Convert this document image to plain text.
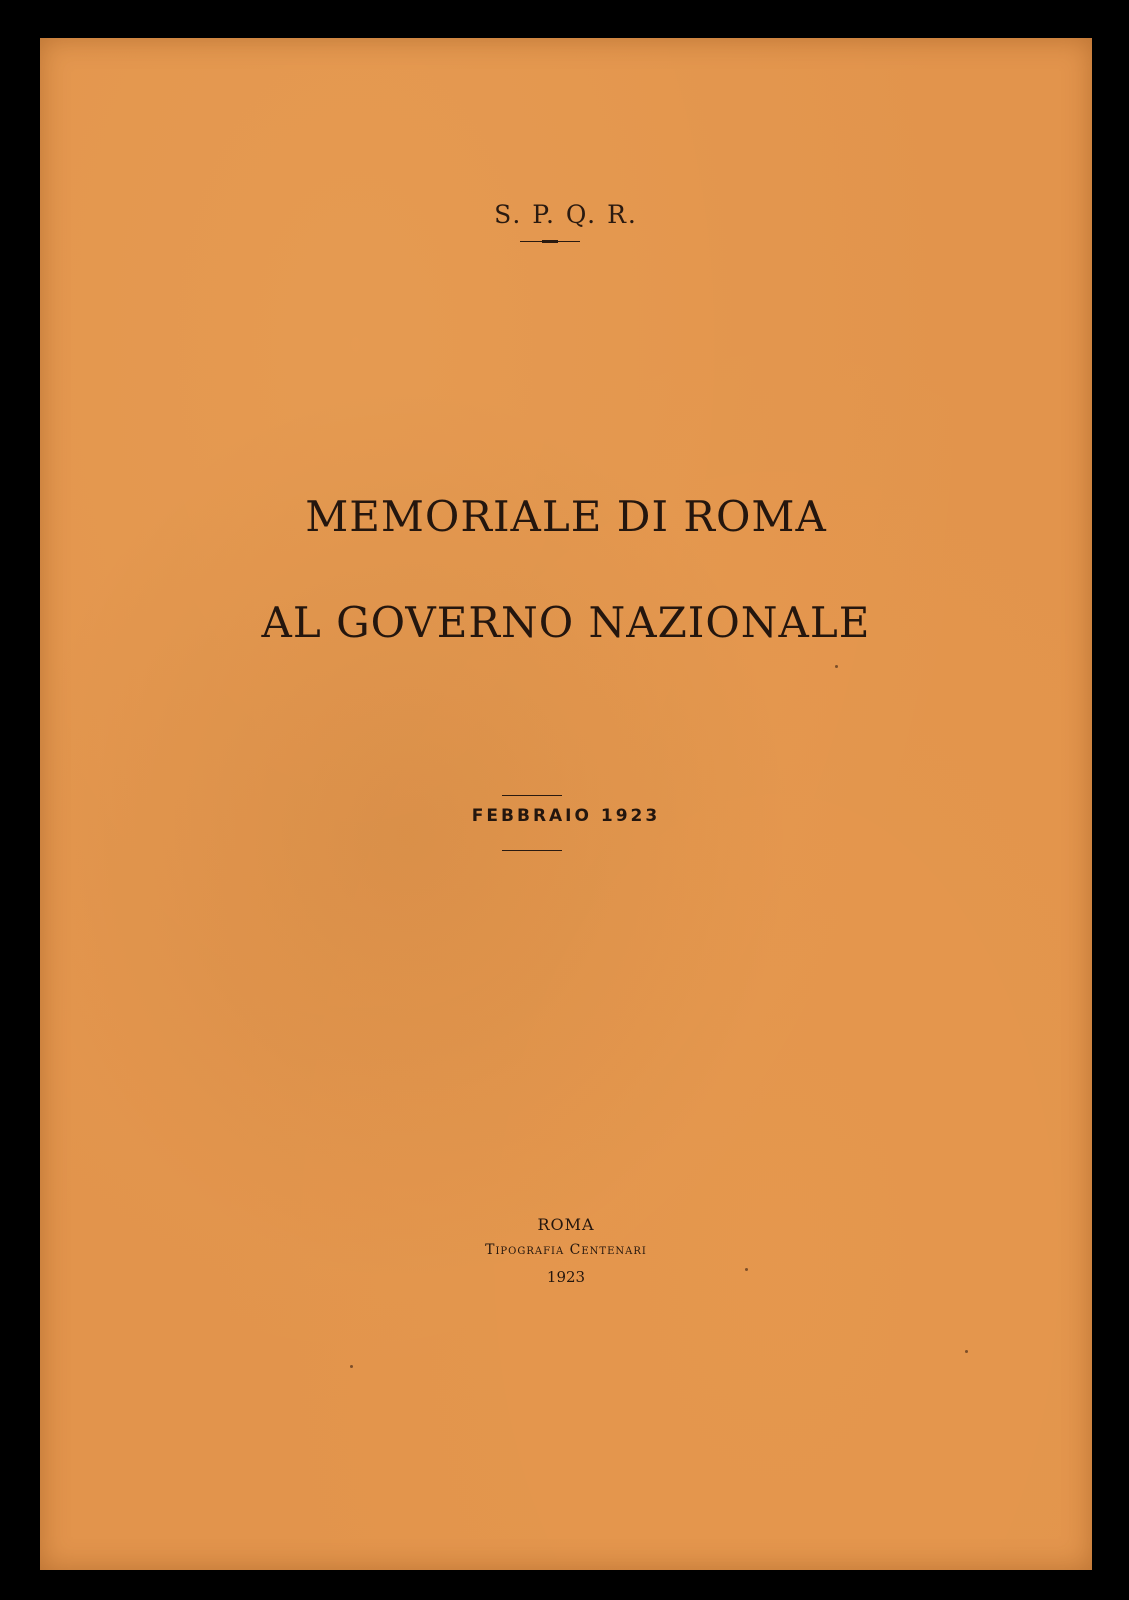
S. P. Q. R.
MEMORIALE DI ROMA
AL GOVERNO NAZIONALE
FEBBRAIO 1923
ROMA
Tipografia Centenari
1923
